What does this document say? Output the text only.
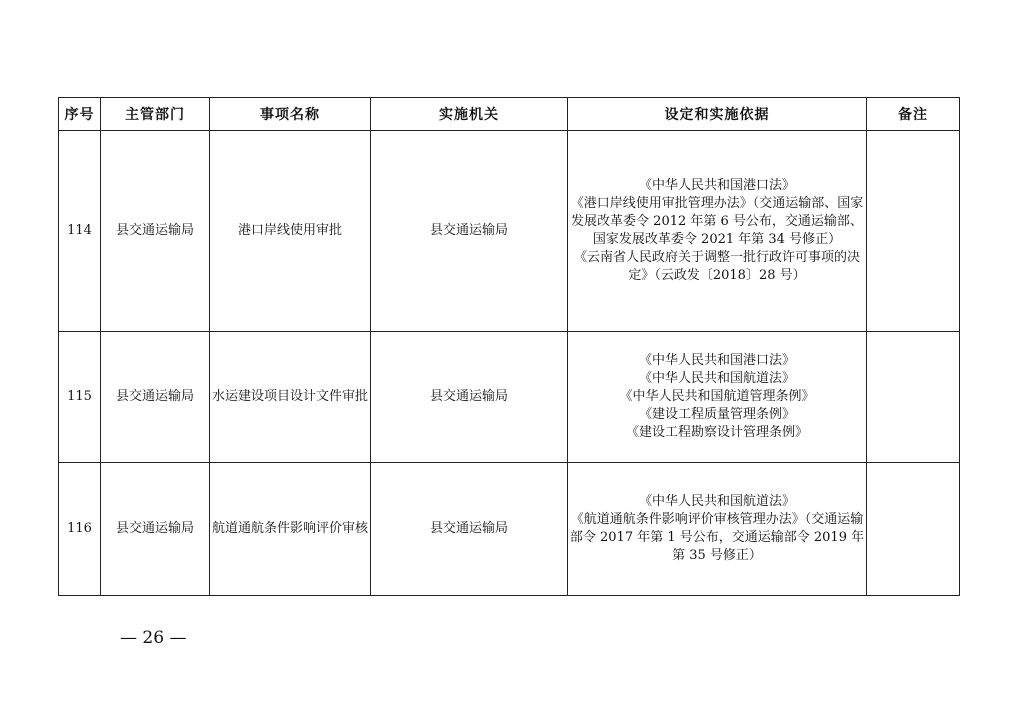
序号	主管部门	事项名称	实施机关	设定和实施依据	备注
114	县交通运输局	港口岸线使用审批	县交通运输局	《中华人民共和国港口法》
《港口岸线使用审批管理办法》（交通运输部、国家发展改革委令 2012 年第 6 号公布，交通运输部、国家发展改革委令 2021 年第 34 号修正）
《云南省人民政府关于调整一批行政许可事项的决定》（云政发〔2018〕28 号）	

115	县交通运输局	水运建设项目设计文件审批	县交通运输局	《中华人民共和国港口法》
《中华人民共和国航道法》
《中华人民共和国航道管理条例》
《建设工程质量管理条例》
《建设工程勘察设计管理条例》	

116	县交通运输局	航道通航条件影响评价审核	县交通运输局	《中华人民共和国航道法》
《航道通航条件影响评价审核管理办法》（交通运输部令 2017 年第 1 号公布，交通运输部令 2019 年第 35 号修正）	

— 26 —
